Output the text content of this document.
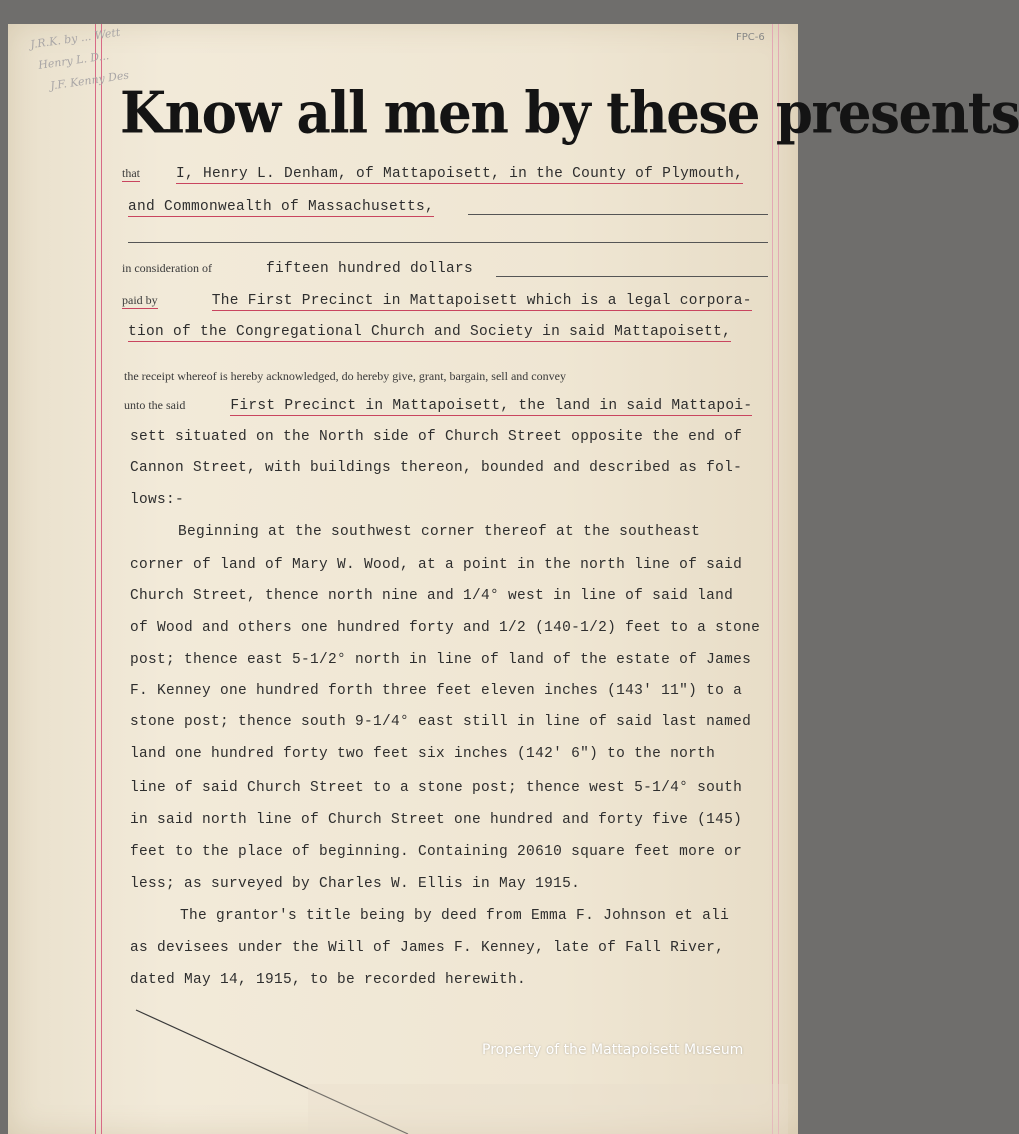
J.R.K. by ... Wett
Henry L. D...
J.F. Kenny Des
FPC-6
Know all men by these presents
that I, Henry L. Denham, of Mattapoisett, in the County of Plymouth,
and Commonwealth of Massachusetts,
in consideration of	fifteen hundred dollars
paid by	The First Precinct in Mattapoisett which is a legal corpora-
tion of the Congregational Church and Society in said Mattapoisett,
the receipt whereof is hereby acknowledged, do hereby give, grant, bargain, sell and convey
unto the said	First Precinct in Mattapoisett, the land in said Mattapoi-
sett situated on the North side of Church Street opposite the end of
Cannon Street, with buildings thereon, bounded and described as fol-
lows:-
Beginning at the southwest corner thereof at the southeast
corner of land of Mary W. Wood, at a point in the north line of said
Church Street, thence north nine and 1/4° west in line of said land
of Wood and others one hundred forty and 1/2 (140-1/2) feet to a stone
post; thence east 5-1/2° north in line of land of the estate of James
F. Kenney one hundred forth three feet eleven inches (143' 11") to a
stone post; thence south 9-1/4° east still in line of said last named
land one hundred forty two feet six inches (142' 6") to the north
line of said Church Street to a stone post; thence west 5-1/4° south
in said north line of Church Street one hundred and forty five (145)
feet to the place of beginning. Containing 20610 square feet more or
less; as surveyed by Charles W. Ellis in May 1915.
The grantor's title being by deed from Emma F. Johnson et ali
as devisees under the Will of James F. Kenney, late of Fall River,
dated May 14, 1915, to be recorded herewith.
Property of the Mattapoisett Museum
